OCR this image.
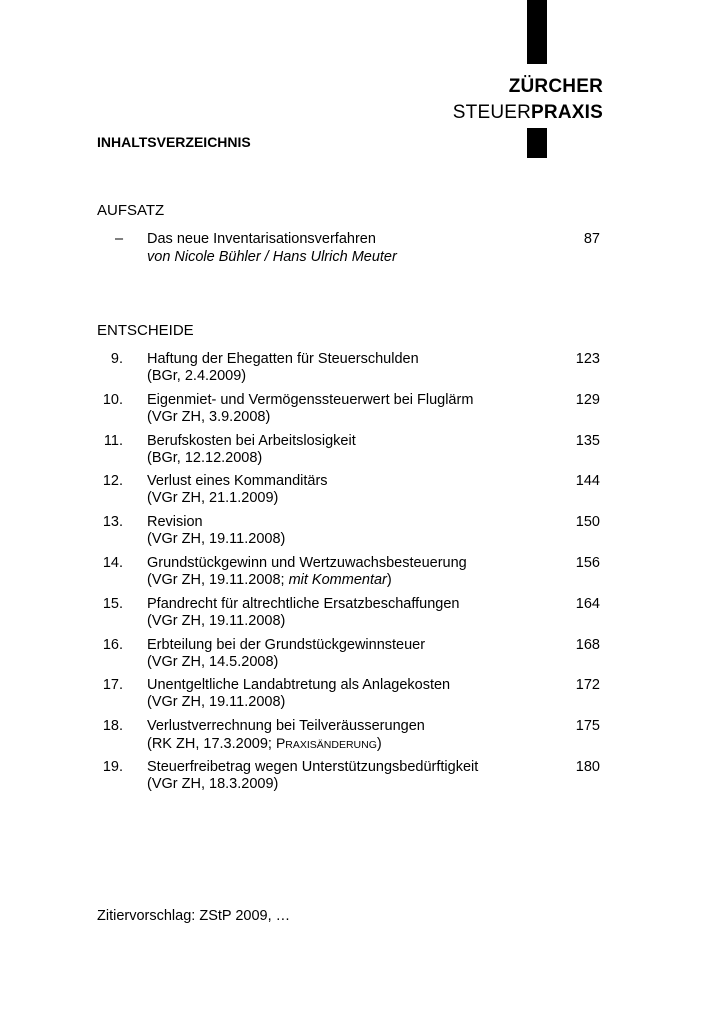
ZÜRCHER
STEUERPRAXIS
INHALTSVERZEICHNIS
AUFSATZ
– Das neue Inventarisationsverfahren	87
von Nicole Bühler / Hans Ulrich Meuter
ENTSCHEIDE
9. Haftung der Ehegatten für Steuerschulden	123
(BGr, 2.4.2009)
10. Eigenmiet- und Vermögenssteuerwert bei Fluglärm	129
(VGr ZH, 3.9.2008)
11. Berufskosten bei Arbeitslosigkeit	135
(BGr, 12.12.2008)
12. Verlust eines Kommanditärs	144
(VGr ZH, 21.1.2009)
13. Revision	150
(VGr ZH, 19.11.2008)
14. Grundstückgewinn und Wertzuwachsbesteuerung	156
(VGr ZH, 19.11.2008; mit Kommentar)
15. Pfandrecht für altrechtliche Ersatzbeschaffungen	164
(VGr ZH, 19.11.2008)
16. Erbteilung bei der Grundstückgewinnsteuer	168
(VGr ZH, 14.5.2008)
17. Unentgeltliche Landabtretung als Anlagekosten	172
(VGr ZH, 19.11.2008)
18. Verlustverrechnung bei Teilveräusserungen	175
(RK ZH, 17.3.2009; PRAXISÄNDERUNG)
19. Steuerfreibetrag wegen Unterstützungsbedürftigkeit	180
(VGr ZH, 18.3.2009)
Zitiervorschlag: ZStP 2009, …
